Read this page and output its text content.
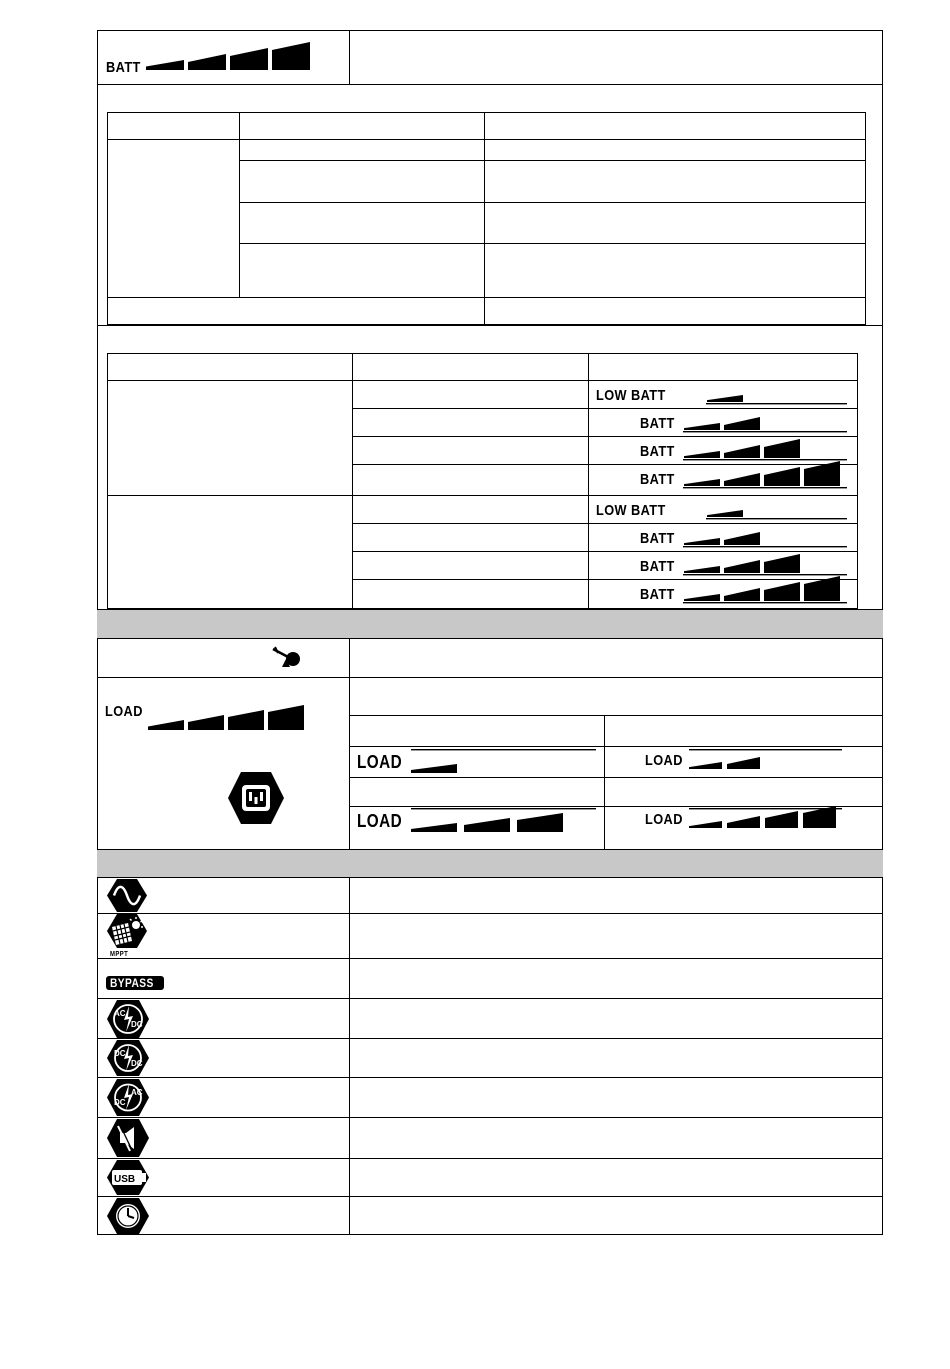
BATT
LOW BATT
BATT
BATT
BATT
LOW BATT
BATT
BATT
BATT
LOAD
LOAD	LOAD
LOAD	LOAD
MPPT
BYPASS
AC
DC
DC
DC
DC
AC
USB
